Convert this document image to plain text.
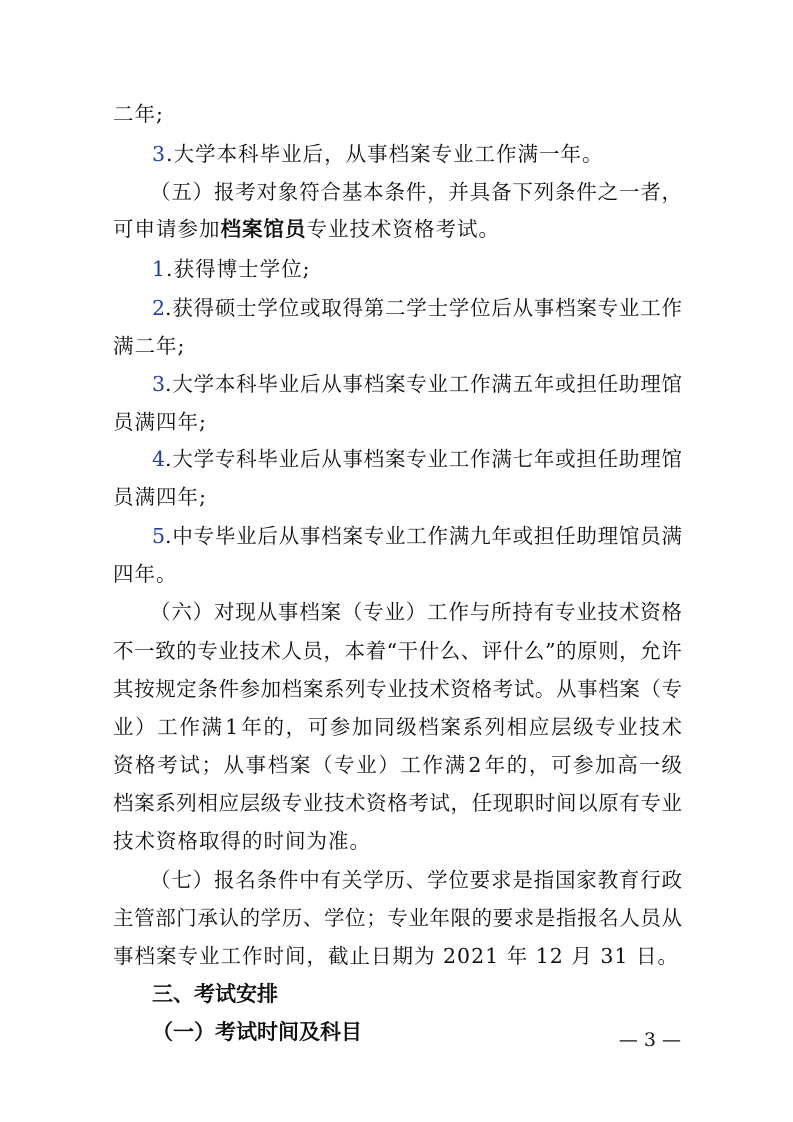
二年;
3.大学本科毕业后，从事档案专业工作满一年。
（ 五 ） 报 考 对 象 符 合 基 本 条 件 ， 并 具 备 下 列 条 件 之 一 者 ，
可申请参加档案馆员专业技术资格考试。
1.获得博士学位;
2 . 获 得 硕 士 学 位 或 取 得 第 二 学 士 学 位 后 从 事 档 案 专 业 工 作
满二年;
3 . 大 学 本 科 毕 业 后 从 事 档 案 专 业 工 作 满 五 年 或 担 任 助 理 馆
员满四年;
4 . 大 学 专 科 毕 业 后 从 事 档 案 专 业 工 作 满 七 年 或 担 任 助 理 馆
员满四年;
5 . 中 专 毕 业 后 从 事 档 案 专 业 工 作 满 九 年 或 担 任 助 理 馆 员 满
四年。
（ 六 ） 对 现 从 事 档 案 （ 专 业 ） 工 作 与 所 持 有 专 业 技 术 资 格
不 一 致 的 专 业 技 术 人 员 ， 本 着 “ 干 什 么 、 评 什 么 ” 的 原 则 ， 允 许
其 按 规 定 条 件 参 加 档 案 系 列 专 业 技 术 资 格 考 试 。 从 事 档 案 （ 专
业 ） 工 作 满 1 年 的 ， 可 参 加 同 级 档 案 系 列 相 应 层 级 专 业 技 术
资 格 考 试 ； 从 事 档 案 （ 专 业 ） 工 作 满 2 年 的 ， 可 参 加 高 一 级
档 案 系 列 相 应 层 级 专 业 技 术 资 格 考 试 ， 任 现 职 时 间 以 原 有 专 业
技术资格取得的时间为准。
（ 七 ） 报 名 条 件 中 有 关 学 历 、 学 位 要 求 是 指 国 家 教 育 行 政
主 管 部 门 承 认 的 学 历 、 学 位 ； 专 业 年 限 的 要 求 是 指 报 名 人 员 从
事档案专业工作时间，截止日期为 2021 年 12 月 31 日。
三、考试安排
（一）考试时间及科目	— 3 —
